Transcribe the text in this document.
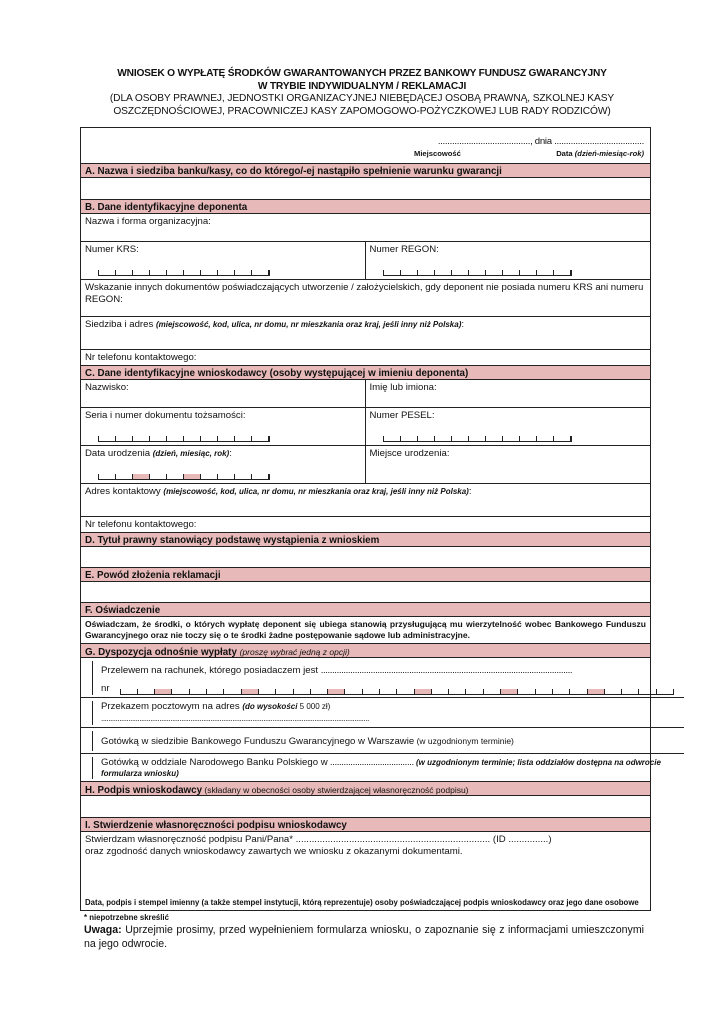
WNIOSEK O WYPŁATĘ ŚRODKÓW GWARANTOWANYCH PRZEZ BANKOWY FUNDUSZ GWARANCYJNY
W TRYBIE INDYWIDUALNYM / REKLAMACJI
(DLA OSOBY PRAWNEJ, JEDNOSTKI ORGANIZACYJNEJ NIEBĘDĄCEJ OSOBĄ PRAWNĄ, SZKOLNEJ KASY
OSZCZĘDNOŚCIOWEJ, PRACOWNICZEJ KASY ZAPOMOGOWO-POŻYCZKOWEJ LUB RADY RODZICÓW)
......................................., dnia ......................................
Miejscowość	Data (dzień-miesiąc-rok)
A. Nazwa i siedziba banku/kasy, co do którego/-ej nastąpiło spełnienie warunku gwarancji
B. Dane identyfikacyjne deponenta
Nazwa i forma organizacyjna:
Numer KRS:	Numer REGON:
Wskazanie innych dokumentów poświadczających utworzenie / założycielskich, gdy deponent nie posiada numeru KRS ani numeru REGON:
Siedziba i adres (miejscowość, kod, ulica, nr domu, nr mieszkania oraz kraj, jeśli inny niż Polska):
Nr telefonu kontaktowego:
C. Dane identyfikacyjne wnioskodawcy (osoby występującej w imieniu deponenta)
Nazwisko:	Imię lub imiona:
Seria i numer dokumentu tożsamości:	Numer PESEL:
Data urodzenia (dzień, miesiąc, rok):	Miejsce urodzenia:
Adres kontaktowy (miejscowość, kod, ulica, nr domu, nr mieszkania oraz kraj, jeśli inny niż Polska):
Nr telefonu kontaktowego:
D. Tytuł prawny stanowiący podstawę wystąpienia z wnioskiem
E. Powód złożenia reklamacji
F. Oświadczenie
Oświadczam, że środki, o których wypłatę deponent się ubiega stanowią przysługującą mu wierzytelność wobec Bankowego Funduszu Gwarancyjnego oraz nie toczy się o te środki żadne postępowanie sądowe lub administracyjne.
G. Dyspozycja odnośnie wypłaty (proszę wybrać jedną z opcji)
Przelewem na rachunek, którego posiadaczem jest ...............................................................................................................
nr
Przekazem pocztowym na adres (do wysokości 5 000 zł)
...................................................................................................................................................
Gotówką w siedzibie Bankowego Funduszu Gwarancyjnego w Warszawie (w uzgodnionym terminie)
Gotówką w oddziale Narodowego Banku Polskiego w ..................................... (w uzgodnionym terminie; lista oddziałów dostępna na odwrocie formularza wniosku)
H. Podpis wnioskodawcy (składany w obecności osoby stwierdzającej własnoręczność podpisu)
I. Stwierdzenie własnoręczności podpisu wnioskodawcy
Stwierdzam własnoręczność podpisu Pani/Pana* ......................................................................... (ID ...............)
oraz zgodność danych wnioskodawcy zawartych we wniosku z okazanymi dokumentami.
Data, podpis i stempel imienny (a także stempel instytucji, którą reprezentuje) osoby poświadczającej podpis wnioskodawcy oraz jego dane osobowe
* niepotrzebne skreślić
Uwaga: Uprzejmie prosimy, przed wypełnieniem formularza wniosku, o zapoznanie się z informacjami umieszczonymi na jego odwrocie.
